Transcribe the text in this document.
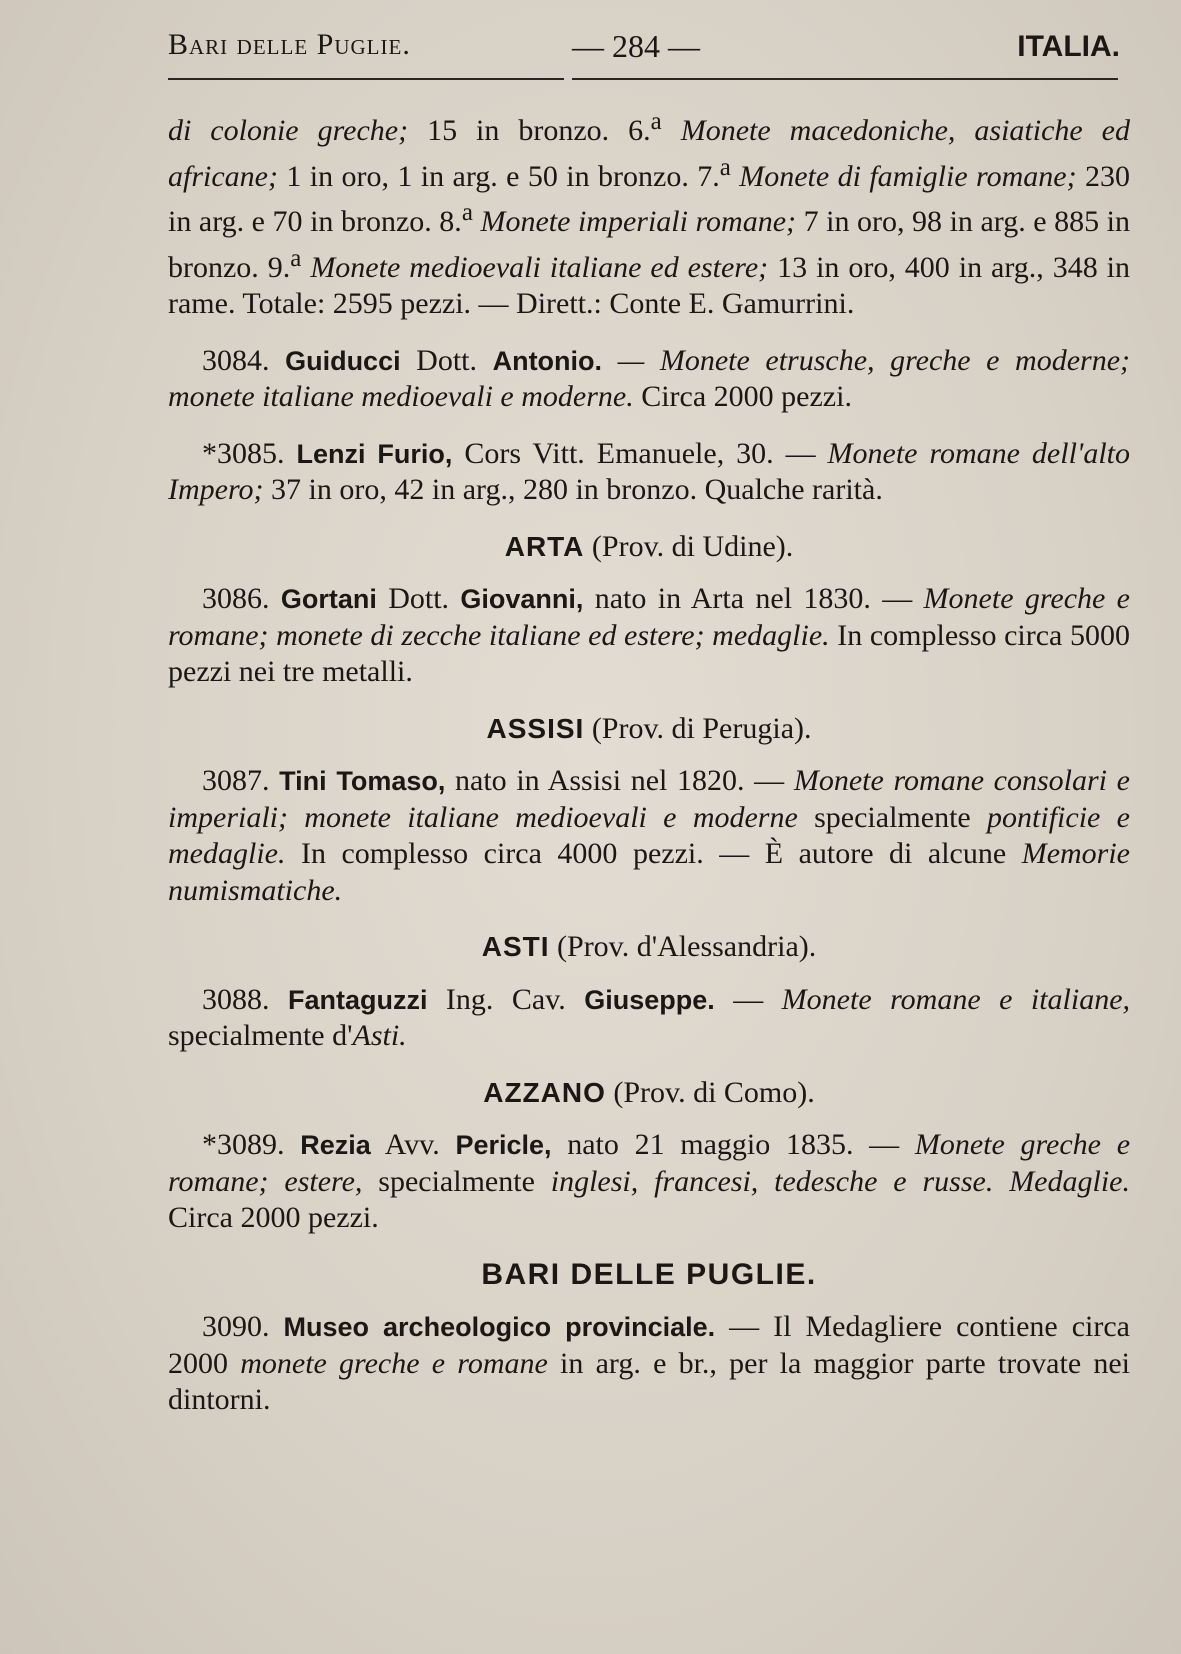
Bari delle Puglie.	— 284 —	ITALIA.

di colonie greche; 15 in bronzo. 6.$^a$ Monete macedoniche, asiatiche ed africane; 1 in oro, 1 in arg. e 50 in bronzo. 7.$^a$ Monete di famiglie romane; 230 in arg. e 70 in bronzo. 8.$^a$ Monete imperiali romane; 7 in oro, 98 in arg. e 885 in bronzo. 9.$^a$ Monete medioevali italiane ed estere; 13 in oro, 400 in arg., 348 in rame. Totale: 2595 pezzi. — Dirett.: Conte E. Gamurrini.

3084. Guiducci Dott. Antonio. — Monete etrusche, greche e moderne; monete italiane medioevali e moderne. Circa 2000 pezzi.

*3085. Lenzi Furio, Cors Vitt. Emanuele, 30. — Monete romane dell'alto Impero; 37 in oro, 42 in arg., 280 in bronzo. Qualche rarità.

ARTA (Prov. di Udine).

3086. Gortani Dott. Giovanni, nato in Arta nel 1830. — Monete greche e romane; monete di zecche italiane ed estere; medaglie. In complesso circa 5000 pezzi nei tre metalli.

ASSISI (Prov. di Perugia).

3087. Tini Tomaso, nato in Assisi nel 1820. — Monete romane consolari e imperiali; monete italiane medioevali e moderne specialmente pontificie e medaglie. In complesso circa 4000 pezzi. — È autore di alcune Memorie numismatiche.

ASTI (Prov. d'Alessandria).

3088. Fantaguzzi Ing. Cav. Giuseppe. — Monete romane e italiane, specialmente d'Asti.

AZZANO (Prov. di Como).

*3089. Rezia Avv. Pericle, nato 21 maggio 1835. — Monete greche e romane; estere, specialmente inglesi, francesi, tedesche e russe. Medaglie. Circa 2000 pezzi.

BARI DELLE PUGLIE.

3090. Museo archeologico provinciale. — Il Medagliere contiene circa 2000 monete greche e romane in arg. e br., per la maggior parte trovate nei dintorni.
